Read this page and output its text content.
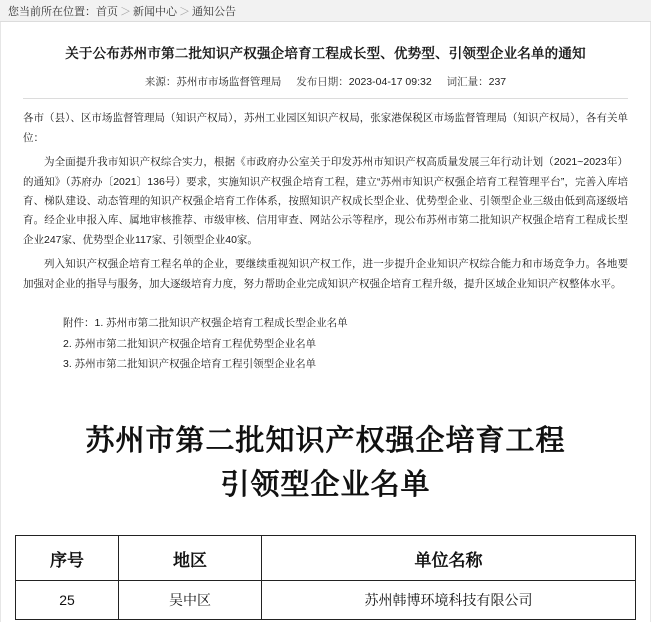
您当前所在位置： 首页 ＞ 新闻中心 ＞ 通知公告
关于公布苏州市第二批知识产权强企培育工程成长型、优势型、引领型企业名单的通知
来源：苏州市市场监督管理局 发布日期：2023-04-17 09:32 词汇量：237

各市（县）、区市场监督管理局（知识产权局），苏州工业园区知识产权局，张家港保税区市场监督管理局（知识产权局），各有关单位：

为全面提升我市知识产权综合实力，根据《市政府办公室关于印发苏州市知识产权高质量发展三年行动计划（2021~2023年）的通知》（苏府办〔2021〕136号）要求，实施知识产权强企培育工程，建立“苏州市知识产权强企培育工程管理平台”，完善入库培育、梯队建设、动态管理的知识产权强企培育工作体系，按照知识产权成长型企业、优势型企业、引领型企业三级由低到高逐级培育。经企业申报入库、属地审核推荐、市级审核、信用审查、网站公示等程序，现公布苏州市第二批知识产权强企培育工程成长型企业247家、优势型企业117家、引领型企业40家。

列入知识产权强企培育工程名单的企业，要继续重视知识产权工作，进一步提升企业知识产权综合能力和市场竞争力。各地要加强对企业的指导与服务，加大逐级培育力度，努力帮助企业完成知识产权强企培育工程升级，提升区域企业知识产权整体水平。

附件：1. 苏州市第二批知识产权强企培育工程成长型企业名单

2. 苏州市第二批知识产权强企培育工程优势型企业名单

3. 苏州市第二批知识产权强企培育工程引领型企业名单

苏州市第二批知识产权强企培育工程
引领型企业名单
序号	地区	单位名称
25	吴中区	苏州韩博环境科技有限公司
